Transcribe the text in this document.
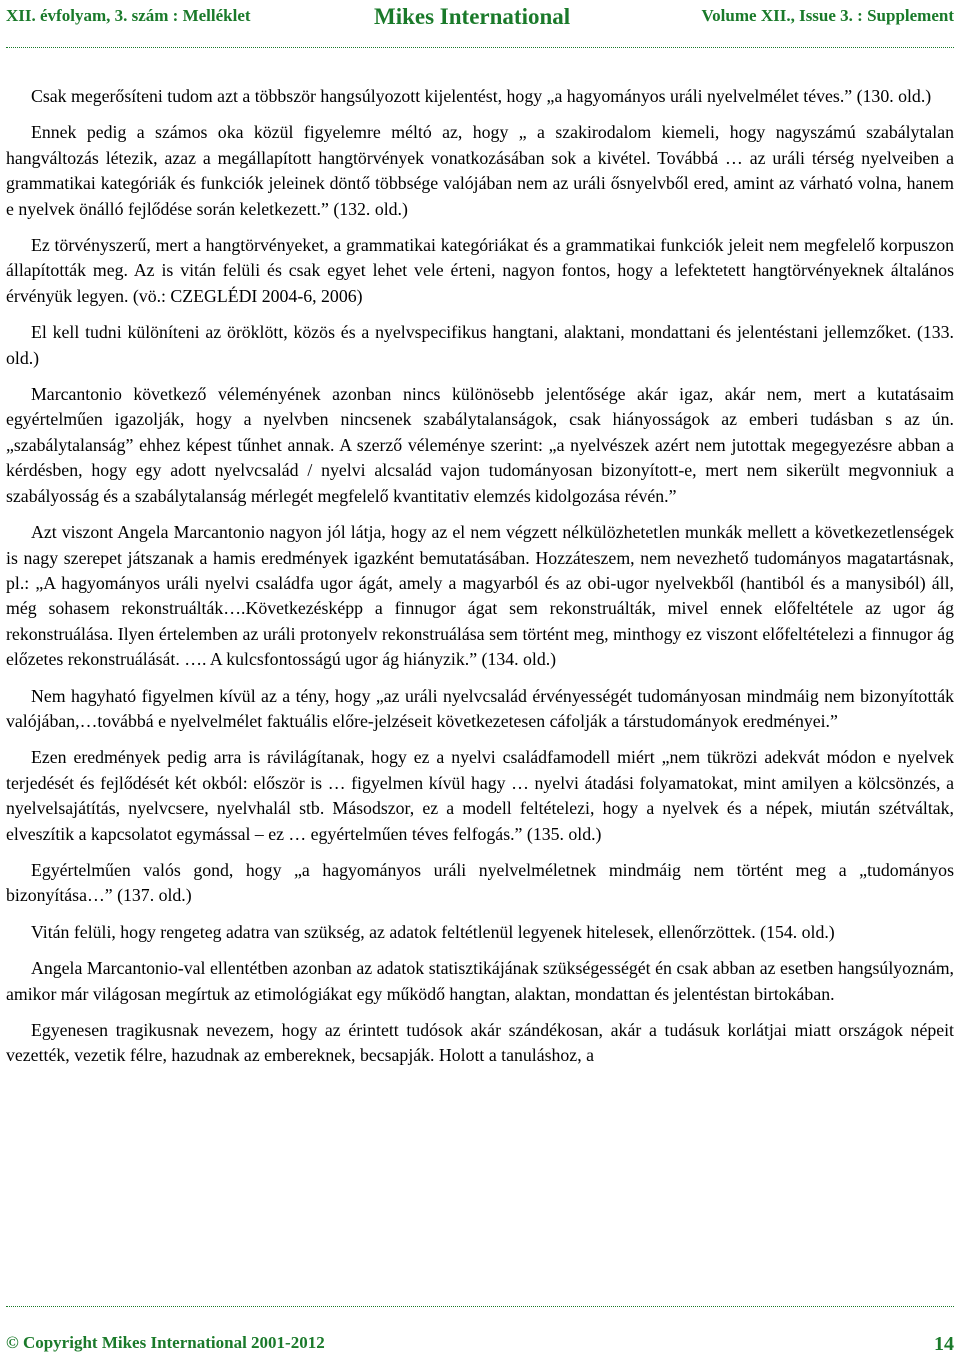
XII. évfolyam, 3. szám : Melléklet	Mikes International	Volume XII., Issue 3. : Supplement

Csak megerősíteni tudom azt a többször hangsúlyozott kijelentést, hogy „a hagyományos uráli nyelvelmélet téves.” (130. old.)

Ennek pedig a számos oka közül figyelemre méltó az, hogy „ a szakirodalom kiemeli, hogy nagyszámú szabálytalan hangváltozás létezik, azaz a megállapított hangtörvények vonatkozásában sok a kivétel. Továbbá … az uráli térség nyelveiben a grammatikai kategóriák és funkciók jeleinek döntő többsége valójában nem az uráli ősnyelvből ered, amint az várható volna, hanem e nyelvek önálló fejlődése során keletkezett.” (132. old.)

Ez törvényszerű, mert a hangtörvényeket, a grammatikai kategóriákat és a grammatikai funkciók jeleit nem megfelelő korpuszon állapították meg. Az is vitán felüli és csak egyet lehet vele érteni, nagyon fontos, hogy a lefektetett hangtörvényeknek általános érvényük legyen. (vö.: CZEGLÉDI 2004-6, 2006)

El kell tudni különíteni az öröklött, közös és a nyelvspecifikus hangtani, alaktani, mondattani és jelentéstani jellemzőket. (133. old.)

Marcantonio következő véleményének azonban nincs különösebb jelentősége akár igaz, akár nem, mert a kutatásaim egyértelműen igazolják, hogy a nyelvben nincsenek szabálytalanságok, csak hiányosságok az emberi tudásban s az ún. „szabálytalanság” ehhez képest tűnhet annak. A szerző véleménye szerint: „a nyelvészek azért nem jutottak megegyezésre abban a kérdésben, hogy egy adott nyelvcsalád / nyelvi alcsalád vajon tudományosan bizonyított-e, mert nem sikerült megvonniuk a szabályosság és a szabálytalanság mérlegét megfelelő kvantitativ elemzés kidolgozása révén.”

Azt viszont Angela Marcantonio nagyon jól látja, hogy az el nem végzett nélkülözhetetlen munkák mellett a következetlenségek is nagy szerepet játszanak a hamis eredmények igazként bemutatásában. Hozzáteszem, nem nevezhető tudományos magatartásnak, pl.: „A hagyományos uráli nyelvi családfa ugor ágát, amely a magyarból és az obi-ugor nyelvekből (hantiból és a manysiból) áll, még sohasem rekonstruálták….Következésképp a finnugor ágat sem rekonstruálták, mivel ennek előfeltétele az ugor ág rekonstruálása. Ilyen értelemben az uráli protonyelv rekonstruálása sem történt meg, minthogy ez viszont előfeltételezi a finnugor ág előzetes rekonstruálását. …. A kulcsfontosságú ugor ág hiányzik.” (134. old.)

Nem hagyható figyelmen kívül az a tény, hogy „az uráli nyelvcsalád érvényességét tudományosan mindmáig nem bizonyították valójában,…továbbá e nyelvelmélet faktuális előre-jelzéseit következetesen cáfolják a társtudományok eredményei.”

Ezen eredmények pedig arra is rávilágítanak, hogy ez a nyelvi családfamodell miért „nem tükrözi adekvát módon e nyelvek terjedését és fejlődését két okból: először is … figyelmen kívül hagy … nyelvi átadási folyamatokat, mint amilyen a kölcsönzés, a nyelvelsajátítás, nyelvcsere, nyelvhalál stb. Másodszor, ez a modell feltételezi, hogy a nyelvek és a népek, miután szétváltak, elveszítik a kapcsolatot egymással – ez … egyértelműen téves felfogás.” (135. old.)

Egyértelműen valós gond, hogy „a hagyományos uráli nyelvelméletnek mindmáig nem történt meg a „tudományos bizonyítása…” (137. old.)

Vitán felüli, hogy rengeteg adatra van szükség, az adatok feltétlenül legyenek hitelesek, ellenőrzöttek. (154. old.)

Angela Marcantonio-val ellentétben azonban az adatok statisztikájának szükségességét én csak abban az esetben hangsúlyoznám, amikor már világosan megírtuk az etimológiákat egy működő hangtan, alaktan, mondattan és jelentéstan birtokában.

Egyenesen tragikusnak nevezem, hogy az érintett tudósok akár szándékosan, akár a tudásuk korlátjai miatt országok népeit vezették, vezetik félre, hazudnak az embereknek, becsapják. Holott a tanuláshoz, a

© Copyright Mikes International 2001-2012	14
